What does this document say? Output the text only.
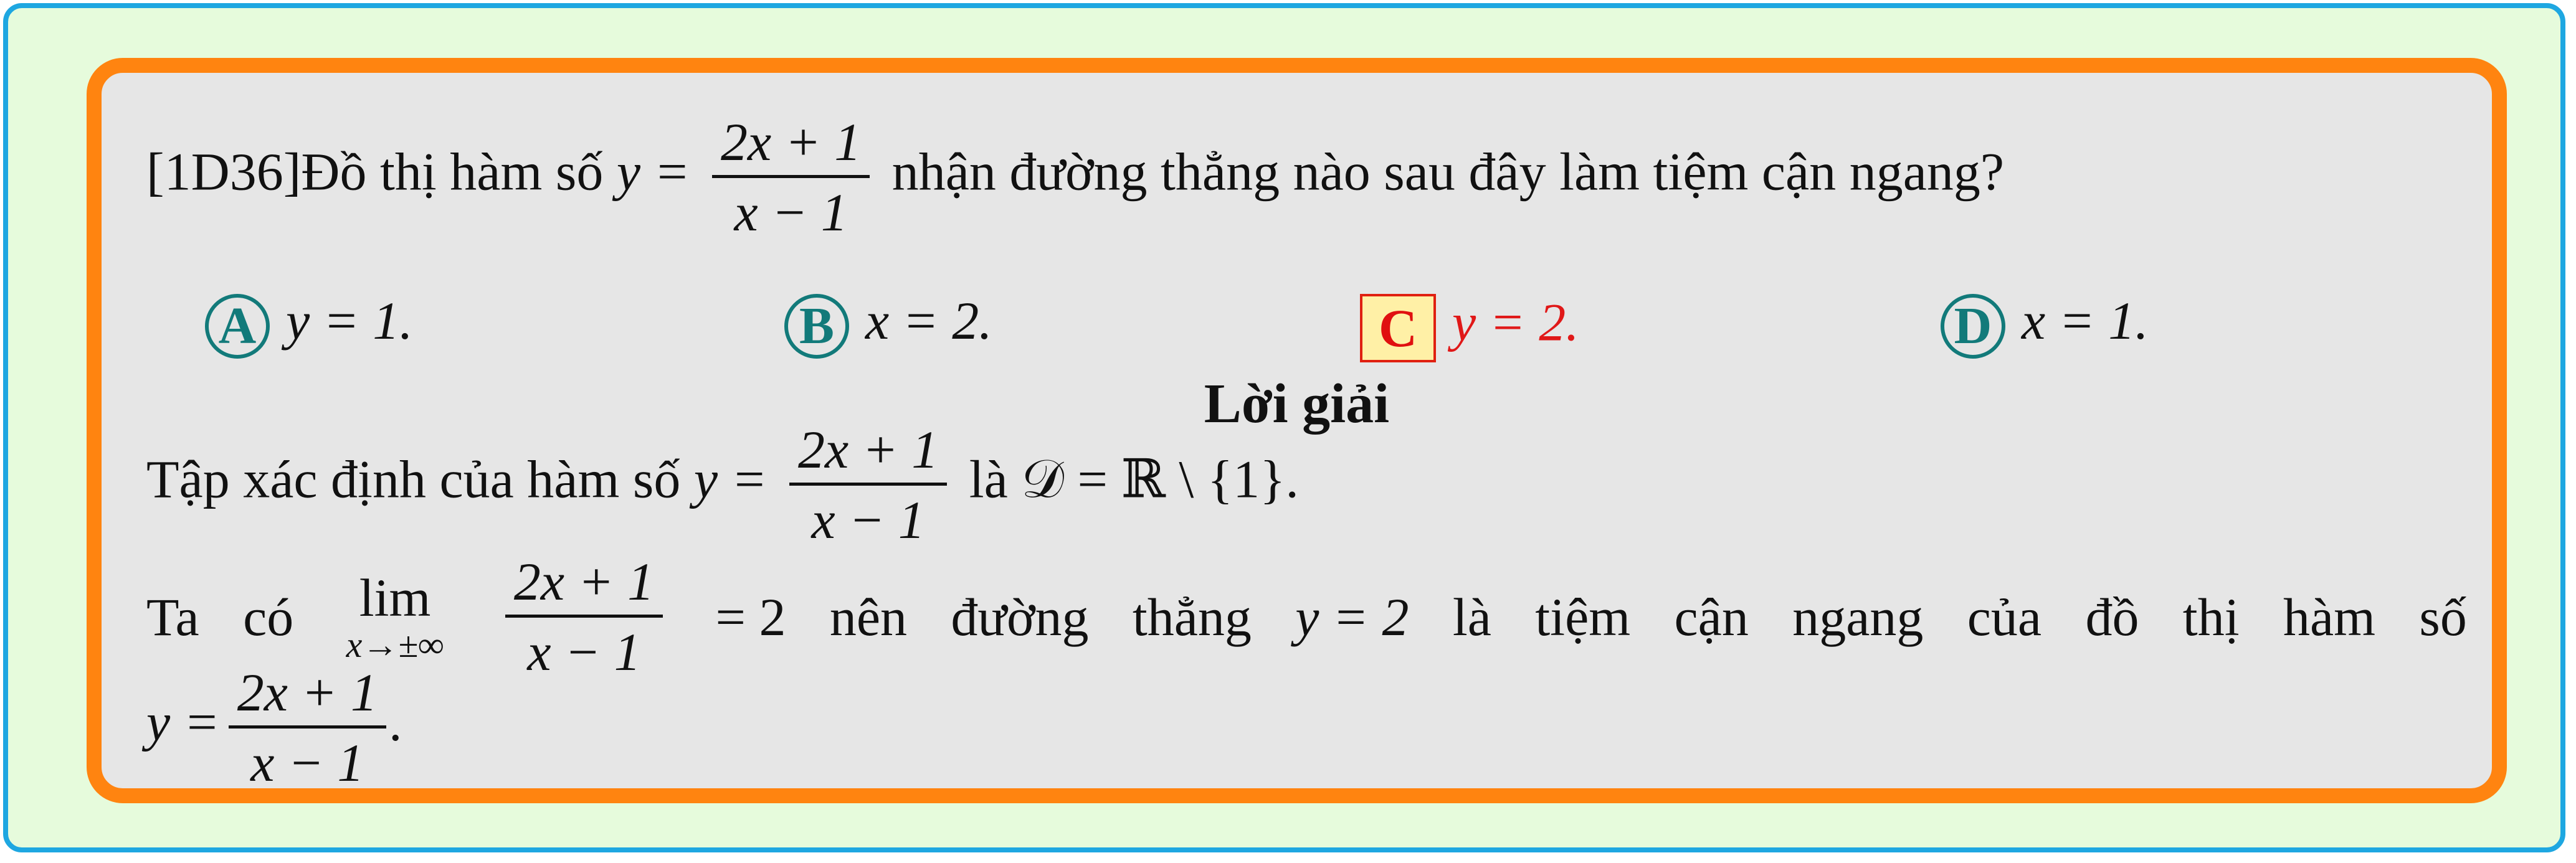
[1D36]Đồ thị hàm số $y = \frac{2x + 1}{x - 1}$ nhận đường thẳng nào sau đây làm tiệm cận ngang?
A y = 1.	B x = 2.	C y = 2.	D x = 1.
Lời giải
Tập xác định của hàm số $y = \frac{2x + 1}{x - 1}$ là 𝒟 = ℝ \ {1}.
Ta có lim
$x\to\pm\infty \frac{2x + 1}{x - 1} = 2$ nên đường thẳng y = 2 là tiệm cận ngang của đồ thị hàm số
$y = \frac{2x + 1}{x - 1}$ .
